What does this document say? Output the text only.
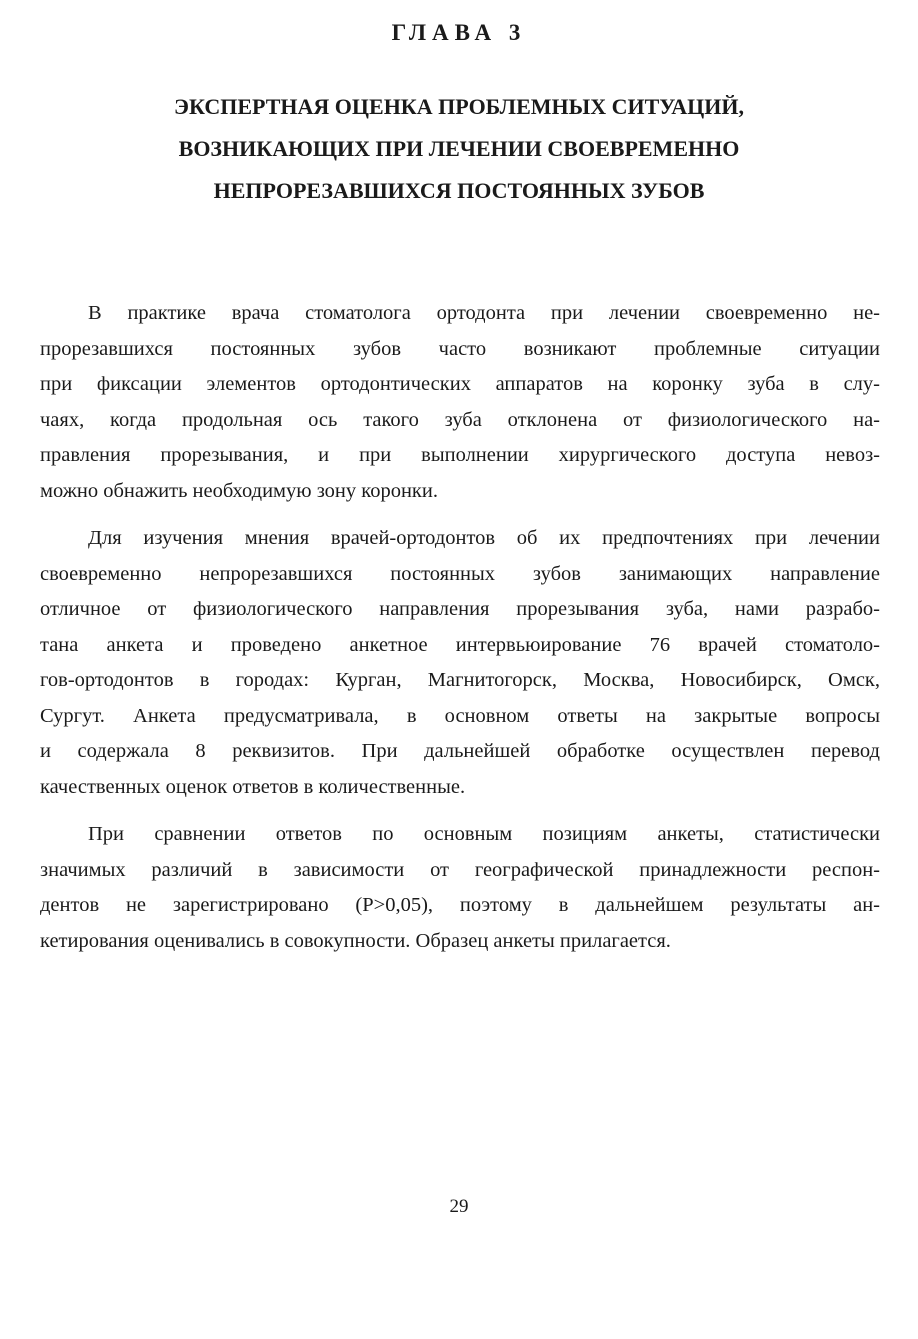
ГЛАВА 3
ЭКСПЕРТНАЯ ОЦЕНКА ПРОБЛЕМНЫХ СИТУАЦИЙ,
ВОЗНИКАЮЩИХ ПРИ ЛЕЧЕНИИ СВОЕВРЕМЕННО
НЕПРОРЕЗАВШИХСЯ ПОСТОЯННЫХ ЗУБОВ
В практике врача стоматолога ортодонта при лечении своевременно не-
прорезавшихся постоянных зубов часто возникают проблемные ситуации
при фиксации элементов ортодонтических аппаратов на коронку зуба в слу-
чаях, когда продольная ось такого зуба отклонена от физиологического на-
правления прорезывания, и при выполнении хирургического доступа невоз-
можно обнажить необходимую зону коронки.
Для изучения мнения врачей-ортодонтов об их предпочтениях при лечении
своевременно непрорезавшихся постоянных зубов занимающих направление
отличное от физиологического направления прорезывания зуба, нами разрабо-
тана анкета и проведено анкетное интервьюирование 76 врачей стоматоло-
гов-ортодонтов в городах: Курган, Магнитогорск, Москва, Новосибирск, Омск,
Сургут. Анкета предусматривала, в основном ответы на закрытые вопросы
и содержала 8 реквизитов. При дальнейшей обработке осуществлен перевод
качественных оценок ответов в количественные.
При сравнении ответов по основным позициям анкеты, статистически
значимых различий в зависимости от географической принадлежности респон-
дентов не зарегистрировано (Р>0,05), поэтому в дальнейшем результаты ан-
кетирования оценивались в совокупности. Образец анкеты прилагается.
29
